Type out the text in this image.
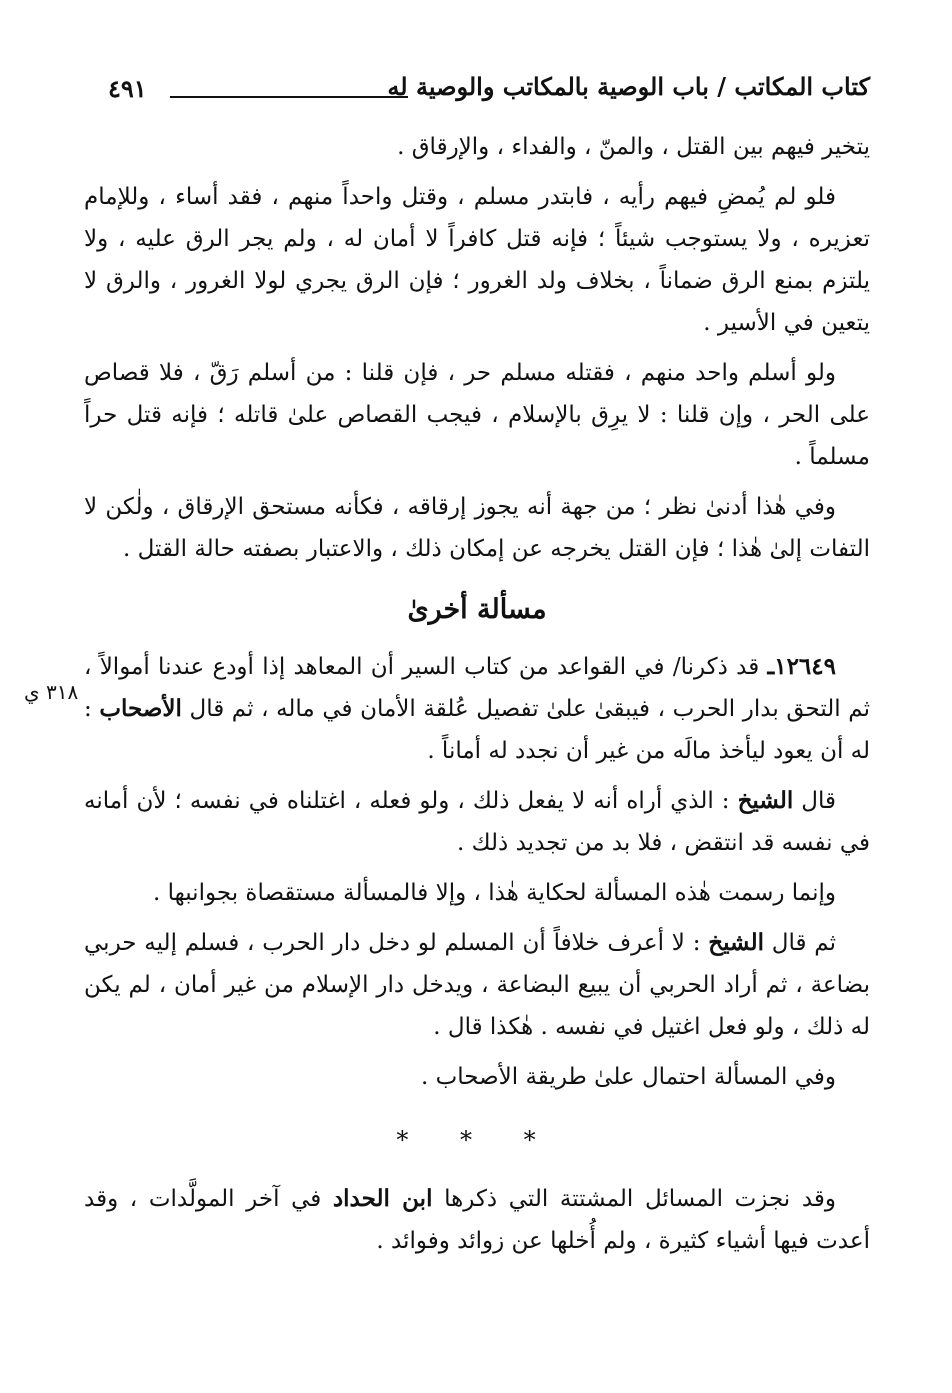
كتاب المكاتب / باب الوصية بالمكاتب والوصية له
٤٩١
٣١٨ ي

يتخير فيهم بين القتل ، والمنّ ، والفداء ، والإرقاق .

فلو لم يُمضِ فيهم رأيه ، فابتدر مسلم ، وقتل واحداً منهم ، فقد أساء ، وللإمام تعزيره ، ولا يستوجب شيئاً ؛ فإنه قتل كافراً لا أمان له ، ولم يجر الرق عليه ، ولا يلتزم بمنع الرق ضماناً ، بخلاف ولد الغرور ؛ فإن الرق يجري لولا الغرور ، والرق لا يتعين في الأسير .

ولو أسلم واحد منهم ، فقتله مسلم حر ، فإن قلنا : من أسلم رَقّ ، فلا قصاص على الحر ، وإن قلنا : لا يرِق بالإسلام ، فيجب القصاص علىٰ قاتله ؛ فإنه قتل حراً مسلماً .

وفي هٰذا أدنىٰ نظر ؛ من جهة أنه يجوز إرقاقه ، فكأنه مستحق الإرقاق ، ولٰكن لا التفات إلىٰ هٰذا ؛ فإن القتل يخرجه عن إمكان ذلك ، والاعتبار بصفته حالة القتل .

مسألة أخرىٰ

١٢٦٤٩ـ قد ذكرنا/ في القواعد من كتاب السير أن المعاهد إذا أودع عندنا أموالاً ، ثم التحق بدار الحرب ، فيبقىٰ علىٰ تفصيل عُلقة الأمان في ماله ، ثم قال الأصحاب : له أن يعود ليأخذ مالَه من غير أن نجدد له أماناً .

قال الشيخ : الذي أراه أنه لا يفعل ذلك ، ولو فعله ، اغتلناه في نفسه ؛ لأن أمانه في نفسه قد انتقض ، فلا بد من تجديد ذلك .

وإنما رسمت هٰذه المسألة لحكاية هٰذا ، وإلا فالمسألة مستقصاة بجوانبها .

ثم قال الشيخ : لا أعرف خلافاً أن المسلم لو دخل دار الحرب ، فسلم إليه حربي بضاعة ، ثم أراد الحربي أن يبيع البضاعة ، ويدخل دار الإسلام من غير أمان ، لم يكن له ذلك ، ولو فعل اغتيل في نفسه . هٰكذا قال .

وفي المسألة احتمال علىٰ طريقة الأصحاب .

* * *

وقد نجزت المسائل المشتتة التي ذكرها ابن الحداد في آخر المولَّدات ، وقد أعدت فيها أشياء كثيرة ، ولم أُخلها عن زوائد وفوائد .
